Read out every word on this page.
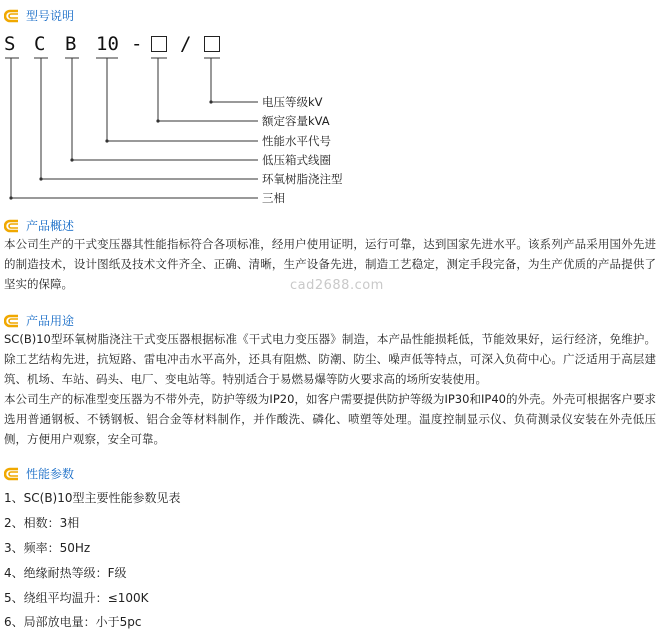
型号说明
S C B 10 - /
电压等级kV
额定容量kVA
性能水平代号
低压箱式线圈
环氧树脂浇注型
三相
产品概述

本公司生产的干式变压器其性能指标符合各项标准，经用户使用证明，运行可靠，达到国家先进水平。该系列产品采用国外先进的制造技术，设计图纸及技术文件齐全、正确、清晰，生产设备先进，制造工艺稳定，测定手段完备，为生产优质的产品提供了坚实的保障。	cad2688.com
产品用途

SC(B)10型环氧树脂浇注干式变压器根据标准《干式电力变压器》制造，本产品性能损耗低，节能效果好，运行经济，免维护。除工艺结构先进，抗短路、雷电冲击水平高外，还具有阻燃、防潮、防尘、噪声低等特点，可深入负荷中心。广泛适用于高层建筑、机场、车站、码头、电厂、变电站等。特别适合于易燃易爆等防火要求高的场所安装使用。

本公司生产的标准型变压器为不带外壳，防护等级为IP20，如客户需要提供防护等级为IP30和IP40的外壳。外壳可根据客户要求选用普通钢板、不锈钢板、铝合金等材料制作，并作酸洗、磷化、喷塑等处理。温度控制显示仪、负荷测录仪安装在外壳低压侧，方便用户观察，安全可靠。

性能参数
1、SC(B)10型主要性能参数见表
2、相数：3相
3、频率：50Hz
4、绝缘耐热等级：F级
5、绕组平均温升：≤100K
6、局部放电量：小于5pc
